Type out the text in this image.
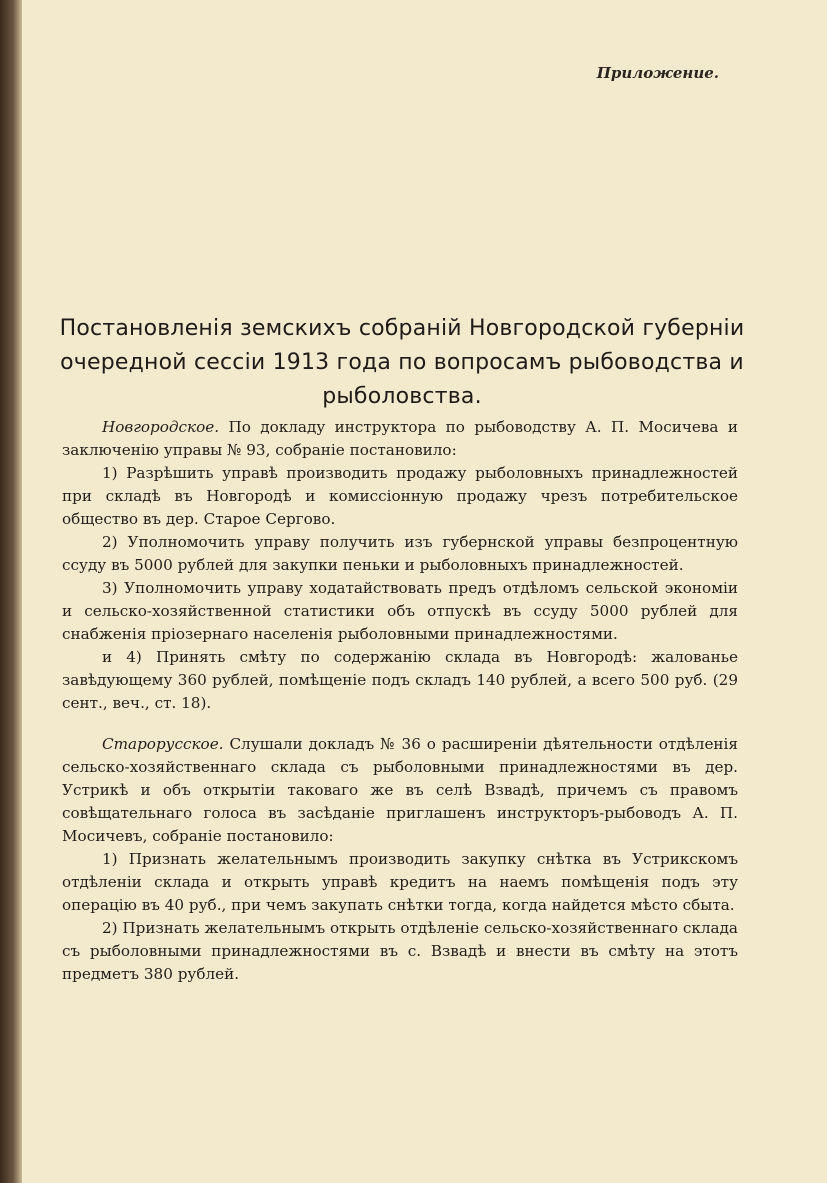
Приложение.
Постановленія земскихъ собраній Новгородской губерніи очередной сессіи 1913 года по вопросамъ рыбоводства и рыболовства.

Новгородское. По докладу инструктора по рыбоводству А. П. Мосичева и заключенію управы № 93, собраніе постановило:

1) Разрѣшить управѣ производить продажу рыболовныхъ принадлежностей при складѣ въ Новгородѣ и комиссіонную продажу чрезъ потребительское общество въ дер. Старое Сергово.

2) Уполномочить управу получить изъ губернской управы безпроцентную ссуду въ 5000 рублей для закупки пеньки и рыболовныхъ принадлежностей.

3) Уполномочить управу ходатайствовать предъ отдѣломъ сельской экономіи и сельско-хозяйственной статистики объ отпускѣ въ ссуду 5000 рублей для снабженія пріозернаго населенія рыболовными принадлежностями.

и 4) Принять смѣту по содержанію склада въ Новгородѣ: жалованье завѣдующему 360 рублей, помѣщеніе подъ складъ 140 рублей, а всего 500 руб. (29 сент., веч., ст. 18).

Старорусское. Слушали докладъ № 36 о расширеніи дѣятельности отдѣленія сельско-хозяйственнаго склада съ рыболовными принадлежностями въ дер. Устрикѣ и объ открытіи таковаго же въ селѣ Взвадѣ, причемъ съ правомъ совѣщательнаго голоса въ засѣданіе приглашенъ инструкторъ-рыбоводъ А. П. Мосичевъ, собраніе постановило:

1) Признать желательнымъ производить закупку снѣтка въ Устрикскомъ отдѣленіи склада и открыть управѣ кредитъ на наемъ помѣщенія подъ эту операцію въ 40 руб., при чемъ закупать снѣтки тогда, когда найдется мѣсто сбыта.

2) Признать желательнымъ открыть отдѣленіе сельско-хозяйственнаго склада съ рыболовными принадлежностями въ с. Взвадѣ и внести въ смѣту на этотъ предметъ 380 рублей.
